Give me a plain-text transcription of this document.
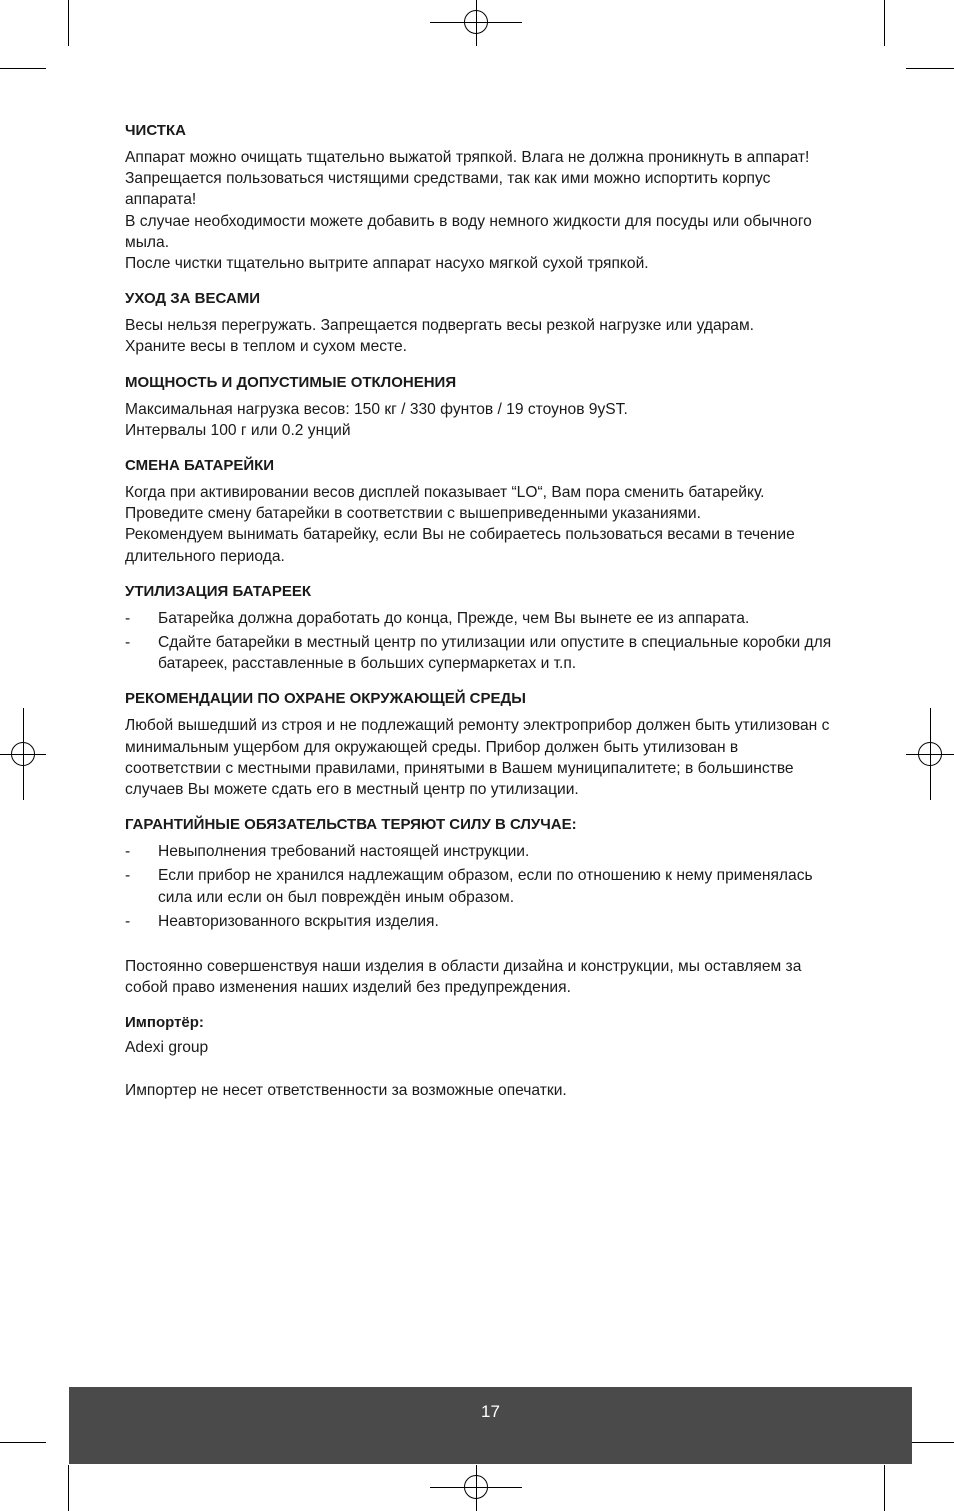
ЧИСТКА

Аппарат можно очищать тщательно выжатой тряпкой. Влага не должна проникнуть в аппарат! Запрещается пользоваться чистящими средствами, так как ими можно испортить корпус аппарата!

В случае необходимости можете добавить в воду немного жидкости для посуды или обычного мыла.

После чистки тщательно вытрите аппарат насухо мягкой сухой тряпкой.

УХОД ЗА ВЕСАМИ

Весы нельзя перегружать. Запрещается подвергать весы резкой нагрузке или ударам.

Храните весы в теплом и сухом месте.

МОЩНОСТЬ И ДОПУСТИМЫЕ ОТКЛОНЕНИЯ

Максимальная нагрузка весов: 150 кг / 330 фунтов / 19 стоунов 9уST.

Интервалы 100 г или 0.2 унций

СМЕНА БАТАРЕЙКИ

Когда при активировании весов дисплей показывает “LO“, Вам пора сменить батарейку.

Проведите смену батарейки в соответствии с вышеприведенными указаниями.

Рекомендуем вынимать батарейку, если Вы не собираетесь пользоваться весами в течение длительного периода.

УТИЛИЗАЦИЯ БАТАРЕЕК

- Батарейка должна доработать до конца, Прежде, чем Вы вынете ее из аппарата.
- Сдайте батарейки в местный центр по утилизации или опустите в специальные коробки для батареек, расставленные в больших супермаркетах и т.п.

РЕКОМЕНДАЦИИ ПО ОХРАНЕ ОКРУЖАЮЩЕЙ СРЕДЫ

Любой вышедший из строя и не подлежащий ремонту электроприбор должен быть утилизован с минимальным ущербом для окружающей среды. Прибор должен быть утилизован в соответствии с местными правилами, принятыми в Вашем муниципалитете; в большинстве случаев Вы можете сдать его в местный центр по утилизации.

ГАРАНТИЙНЫЕ ОБЯЗАТЕЛЬСТВА ТЕРЯЮТ СИЛУ В СЛУЧАЕ:

- Невыполнения требований настоящей инструкции.
- Если прибор не хранился надлежащим образом, если по отношению к нему применялась сила или если он был повреждён иным образом.
- Неавторизованного вскрытия изделия.

Постоянно совершенствуя наши изделия в области дизайна и конструкции, мы оставляем за собой право изменения наших изделий без предупреждения.

Импортёр:

Adexi group

Импортер не несет ответственности за возможные опечатки.

17
